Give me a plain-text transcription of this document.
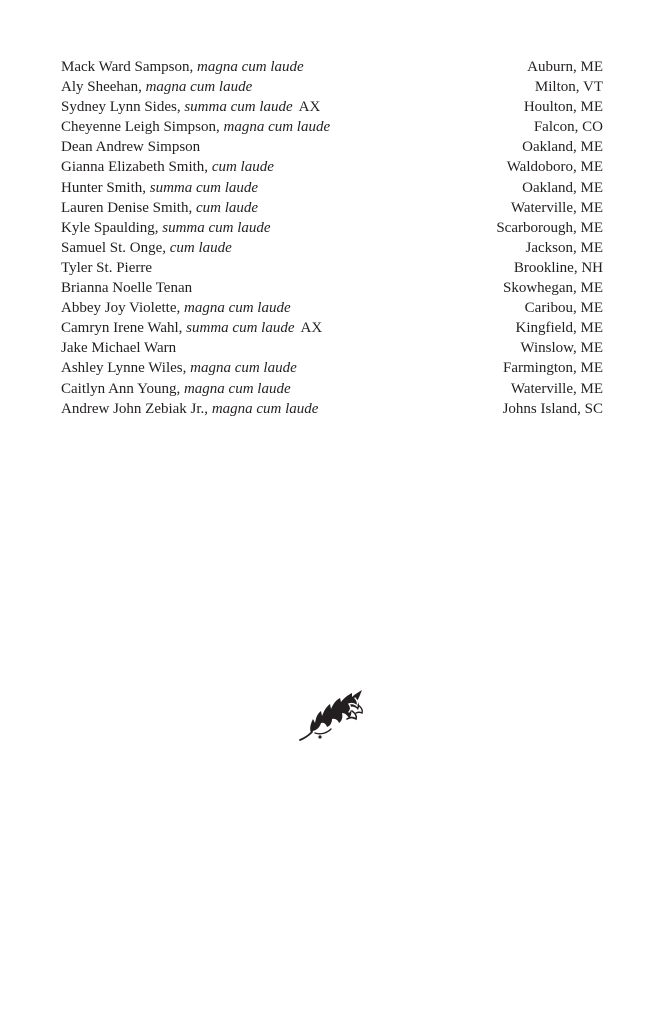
Mack Ward Sampson, magna cum laude	Auburn, ME
Aly Sheehan, magna cum laude	Milton, VT
Sydney Lynn Sides, summa cum laude AX	Houlton, ME
Cheyenne Leigh Simpson, magna cum laude	Falcon, CO
Dean Andrew Simpson	Oakland, ME
Gianna Elizabeth Smith, cum laude	Waldoboro, ME
Hunter Smith, summa cum laude	Oakland, ME
Lauren Denise Smith, cum laude	Waterville, ME
Kyle Spaulding, summa cum laude	Scarborough, ME
Samuel St. Onge, cum laude	Jackson, ME
Tyler St. Pierre	Brookline, NH
Brianna Noelle Tenan	Skowhegan, ME
Abbey Joy Violette, magna cum laude	Caribou, ME
Camryn Irene Wahl, summa cum laude AX	Kingfield, ME
Jake Michael Warn	Winslow, ME
Ashley Lynne Wiles, magna cum laude	Farmington, ME
Caitlyn Ann Young, magna cum laude	Waterville, ME
Andrew John Zebiak Jr., magna cum laude	Johns Island, SC
